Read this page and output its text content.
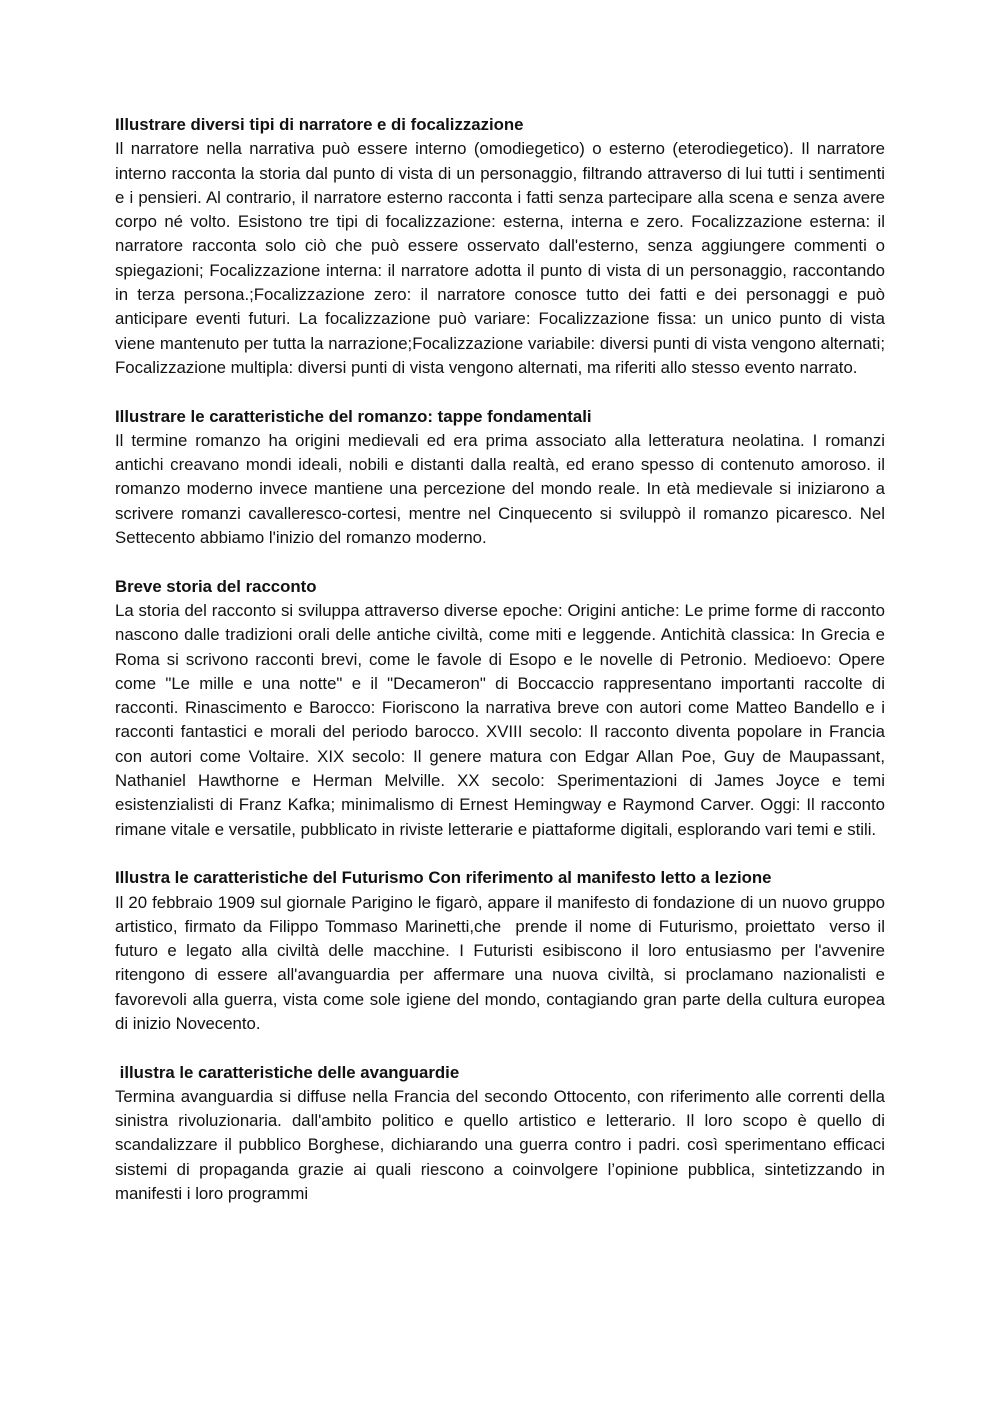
Illustrare diversi tipi di narratore e di focalizzazione

Il narratore nella narrativa può essere interno (omodiegetico) o esterno (eterodiegetico). Il narratore interno racconta la storia dal punto di vista di un personaggio, filtrando attraverso di lui tutti i sentimenti e i pensieri. Al contrario, il narratore esterno racconta i fatti senza partecipare alla scena e senza avere corpo né volto. Esistono tre tipi di focalizzazione: esterna, interna e zero. Focalizzazione esterna: il narratore racconta solo ciò che può essere osservato dall'esterno, senza aggiungere commenti o spiegazioni; Focalizzazione interna: il narratore adotta il punto di vista di un personaggio, raccontando in terza persona.;Focalizzazione zero: il narratore conosce tutto dei fatti e dei personaggi e può anticipare eventi futuri. La focalizzazione può variare: Focalizzazione fissa: un unico punto di vista viene mantenuto per tutta la narrazione;Focalizzazione variabile: diversi punti di vista vengono alternati; Focalizzazione multipla: diversi punti di vista vengono alternati, ma riferiti allo stesso evento narrato.

Illustrare le caratteristiche del romanzo: tappe fondamentali

Il termine romanzo ha origini medievali ed era prima associato alla letteratura neolatina. I romanzi antichi creavano mondi ideali, nobili e distanti dalla realtà, ed erano spesso di contenuto amoroso. il romanzo moderno invece mantiene una percezione del mondo reale. In età medievale si iniziarono a scrivere romanzi cavalleresco-cortesi, mentre nel Cinquecento si sviluppò il romanzo picaresco. Nel Settecento abbiamo l'inizio del romanzo moderno.

Breve storia del racconto

La storia del racconto si sviluppa attraverso diverse epoche: Origini antiche: Le prime forme di racconto nascono dalle tradizioni orali delle antiche civiltà, come miti e leggende. Antichità classica: In Grecia e Roma si scrivono racconti brevi, come le favole di Esopo e le novelle di Petronio. Medioevo: Opere come "Le mille e una notte" e il "Decameron" di Boccaccio rappresentano importanti raccolte di racconti. Rinascimento e Barocco: Fioriscono la narrativa breve con autori come Matteo Bandello e i racconti fantastici e morali del periodo barocco. XVIII secolo: Il racconto diventa popolare in Francia con autori come Voltaire. XIX secolo: Il genere matura con Edgar Allan Poe, Guy de Maupassant, Nathaniel Hawthorne e Herman Melville. XX secolo: Sperimentazioni di James Joyce e temi esistenzialisti di Franz Kafka; minimalismo di Ernest Hemingway e Raymond Carver. Oggi: Il racconto rimane vitale e versatile, pubblicato in riviste letterarie e piattaforme digitali, esplorando vari temi e stili.

Illustra le caratteristiche del Futurismo Con riferimento al manifesto letto a lezione

Il 20 febbraio 1909 sul giornale Parigino le figarò, appare il manifesto di fondazione di un nuovo gruppo artistico, firmato da Filippo Tommaso Marinetti,che  prende il nome di Futurismo, proiettato  verso il futuro e legato alla civiltà delle macchine. I Futuristi esibiscono il loro entusiasmo per l'avvenire ritengono di essere all'avanguardia per affermare una nuova civiltà, si proclamano nazionalisti e favorevoli alla guerra, vista come sole igiene del mondo, contagiando gran parte della cultura europea di inizio Novecento.

illustra le caratteristiche delle avanguardie

Termina avanguardia si diffuse nella Francia del secondo Ottocento, con riferimento alle correnti della sinistra rivoluzionaria. dall'ambito politico e quello artistico e letterario. Il loro scopo è quello di scandalizzare il pubblico Borghese, dichiarando una guerra contro i padri. così sperimentano efficaci sistemi di propaganda grazie ai quali riescono a coinvolgere l’opinione pubblica, sintetizzando in  manifesti i loro programmi
